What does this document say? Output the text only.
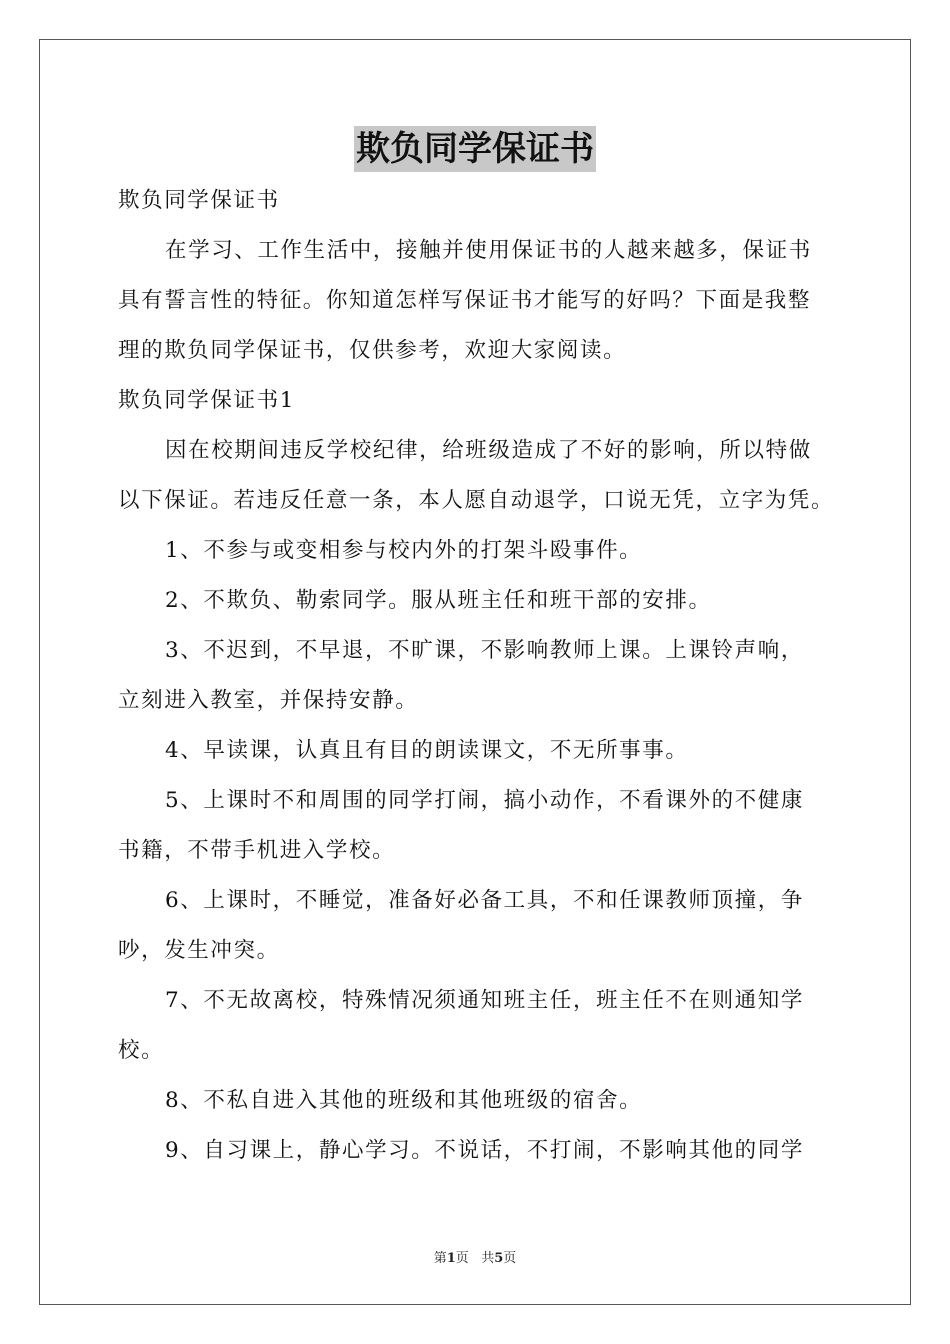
欺负同学保证书
欺负同学保证书
在学习、工作生活中，接触并使用保证书的人越来越多，保证书
具有誓言性的特征。你知道怎样写保证书才能写的好吗？下面是我整
理的欺负同学保证书，仅供参考，欢迎大家阅读。
欺负同学保证书1
因在校期间违反学校纪律，给班级造成了不好的影响，所以特做
以下保证。若违反任意一条，本人愿自动退学，口说无凭，立字为凭。
1、不参与或变相参与校内外的打架斗殴事件。
2、不欺负、勒索同学。服从班主任和班干部的安排。
3、不迟到，不早退，不旷课，不影响教师上课。上课铃声响，
立刻进入教室，并保持安静。
4、早读课，认真且有目的朗读课文，不无所事事。
5、上课时不和周围的同学打闹，搞小动作，不看课外的不健康
书籍，不带手机进入学校。
6、上课时，不睡觉，准备好必备工具，不和任课教师顶撞，争
吵，发生冲突。
7、不无故离校，特殊情况须通知班主任，班主任不在则通知学
校。
8、不私自进入其他的班级和其他班级的宿舍。
9、自习课上，静心学习。不说话，不打闹，不影响其他的同学
第1页 共5页
